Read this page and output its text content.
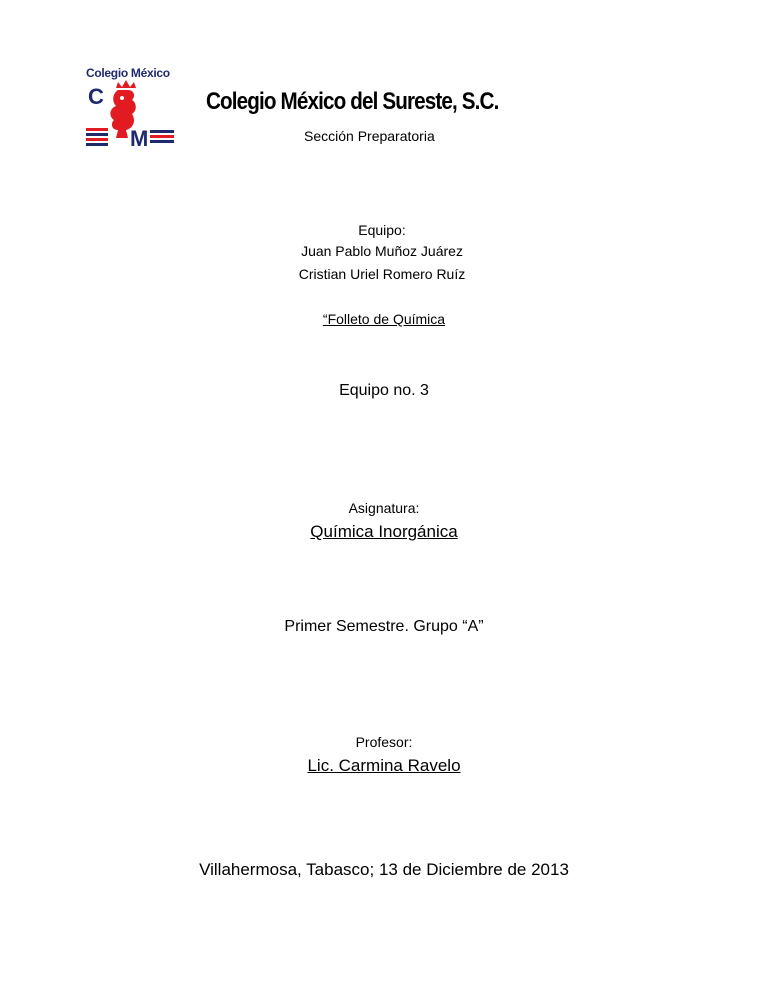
Colegio México
C
M
Colegio México del Sureste, S.C.
Sección Preparatoria
Equipo:
Juan Pablo Muñoz Juárez
Cristian Uriel Romero Ruíz
“Folleto de Química
Equipo no. 3
Asignatura:
Química Inorgánica
Primer Semestre. Grupo “A”
Profesor:
Lic. Carmina Ravelo
Villahermosa, Tabasco; 13 de Diciembre de 2013
